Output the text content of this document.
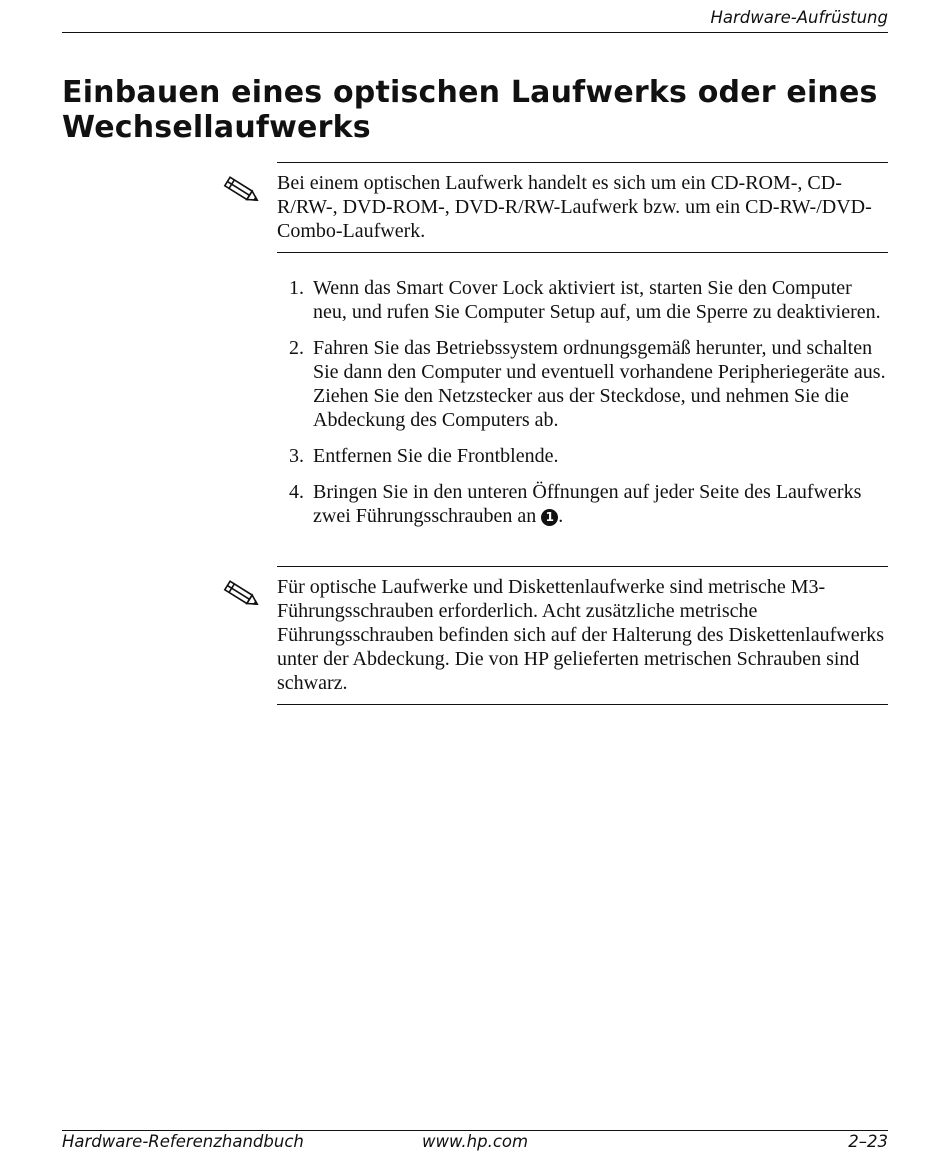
Hardware-Aufrüstung
Einbauen eines optischen Laufwerks oder eines
Wechsellaufwerks

Bei einem optischen Laufwerk handelt es sich um ein CD-ROM-, CD-R/RW-, DVD-ROM-, DVD-R/RW-Laufwerk bzw. um ein CD-RW-/DVD-Combo-Laufwerk.

1. Wenn das Smart Cover Lock aktiviert ist, starten Sie den Computer neu, und rufen Sie Computer Setup auf, um die Sperre zu deaktivieren.
2. Fahren Sie das Betriebssystem ordnungsgemäß herunter, und schalten Sie dann den Computer und eventuell vorhandene Peripheriegeräte aus. Ziehen Sie den Netzstecker aus der Steckdose, und nehmen Sie die Abdeckung des Computers ab.
3. Entfernen Sie die Frontblende.
4. Bringen Sie in den unteren Öffnungen auf jeder Seite des Laufwerks zwei Führungsschrauben an 1 .

Für optische Laufwerke und Diskettenlaufwerke sind metrische M3-Führungsschrauben erforderlich. Acht zusätzliche metrische Führungsschrauben befinden sich auf der Halterung des Diskettenlaufwerks unter der Abdeckung. Die von HP gelieferten metrischen Schrauben sind schwarz.

Hardware-Referenzhandbuch	www.hp.com	2–23
